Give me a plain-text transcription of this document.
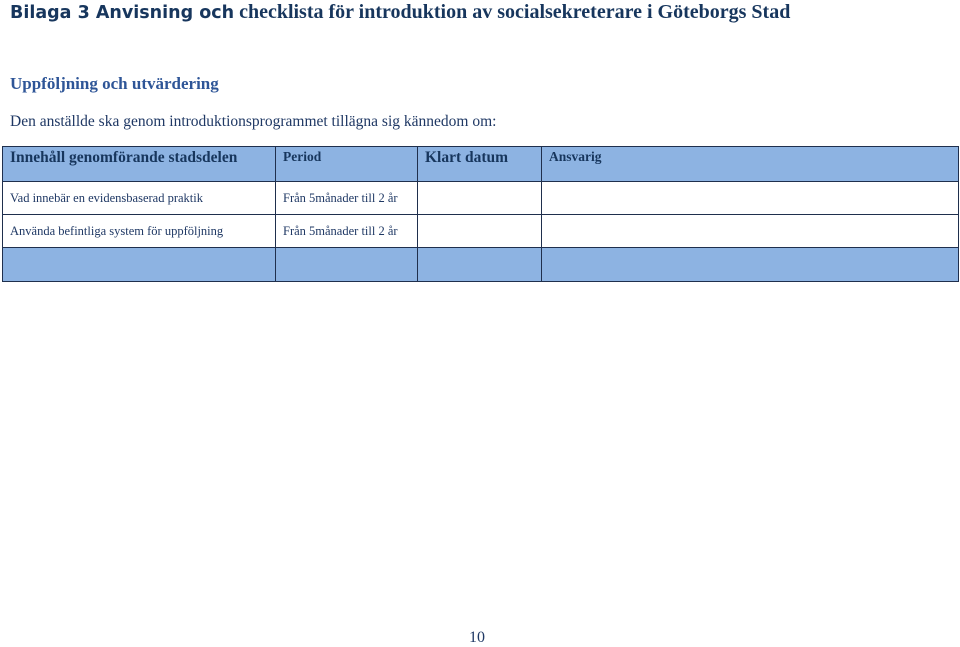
Bilaga 3 Anvisning och checklista för introduktion av socialsekreterare i Göteborgs Stad
Uppföljning och utvärdering
Den anställde ska genom introduktionsprogrammet tillägna sig kännedom om:
Innehåll genomförande stadsdelen	Period	Klart datum	Ansvarig
Vad innebär en evidensbaserad praktik	Från 5månader till 2 år		
Använda befintliga system för uppföljning	Från 5månader till 2 år		

10
